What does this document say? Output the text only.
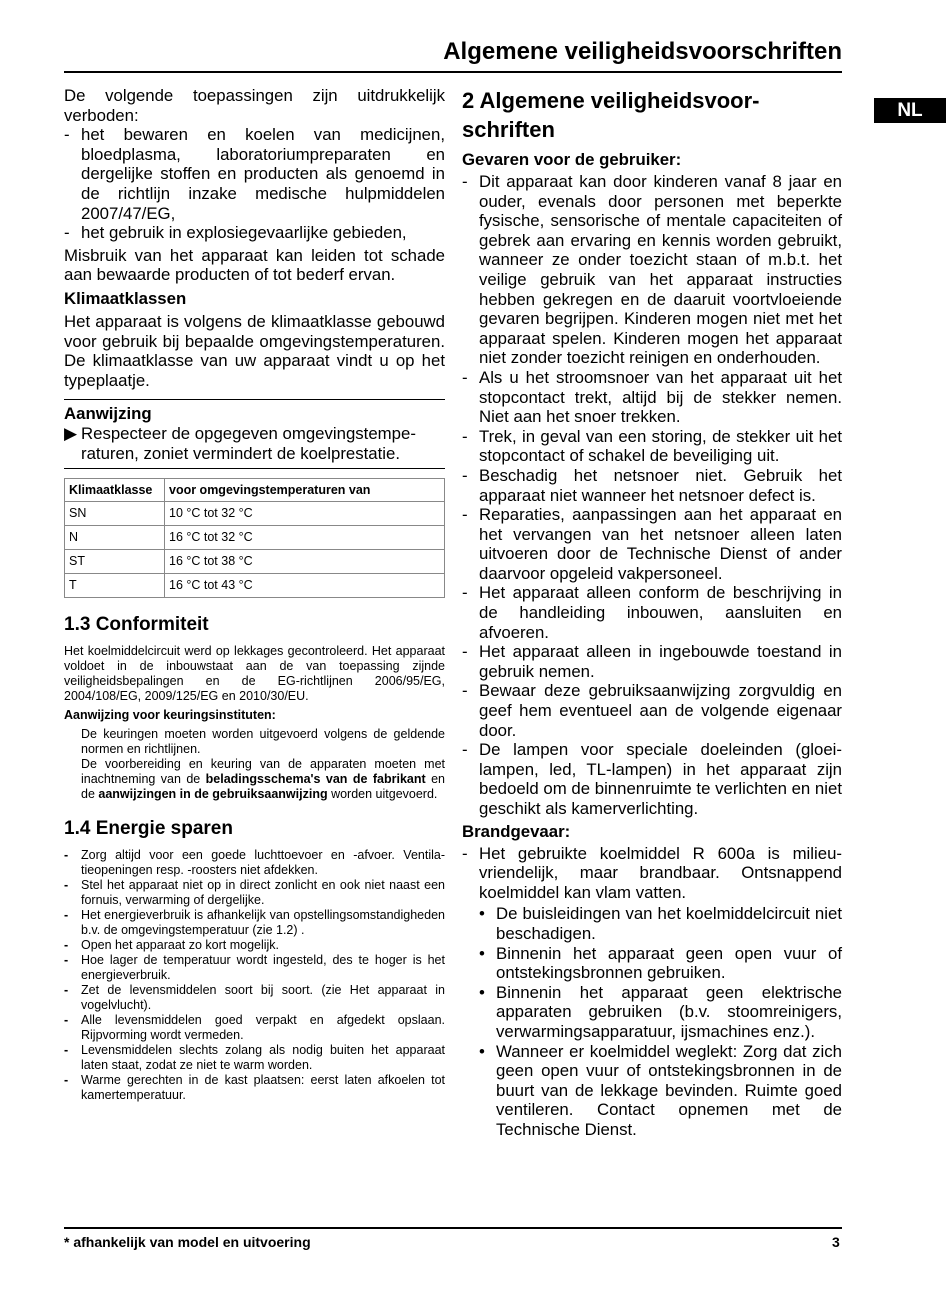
Algemene veiligheidsvoorschriften
NL

De volgende toepassingen zijn uitdrukkelijk verboden:

- het bewaren en koelen van medicijnen, bloedplasma, laboratoriumpreparaten en dergelijke stoffen en producten als genoemd in de richtlijn inzake medische hulpmiddelen 2007/47/EG,
- het gebruik in explosiegevaarlijke gebieden,

Misbruik van het apparaat kan leiden tot schade aan bewaarde producten of tot bederf ervan.

Klimaatklassen

Het apparaat is volgens de klimaatklasse gebouwd voor gebruik bij bepaalde omgevingstemperaturen. De klimaatklasse van uw apparaat vindt u op het typeplaatje.

Aanwijzing
▶ Respecteer de opgegeven omgevingstemperaturen, zoniet vermindert de koelprestatie.
Klimaatklasse	voor omgevingstemperaturen van
SN	10 °C tot 32 °C
N	16 °C tot 32 °C
ST	16 °C tot 38 °C
T	16 °C tot 43 °C

1.3 Conformiteit

Het koelmiddelcircuit werd op lekkages gecontroleerd. Het apparaat voldoet in de inbouwstaat aan de van toepassing zijnde veiligheidsbepalingen en de EG-richtlijnen 2006/95/EG, 2004/108/EG, 2009/125/EG en 2010/30/EU.

Aanwijzing voor keuringsinstituten:

De keuringen moeten worden uitgevoerd volgens de geldende normen en richtlijnen.

De voorbereiding en keuring van de apparaten moeten met inachtneming van de beladingsschema's van de fabrikant en de aanwijzingen in de gebruiksaanwijzing worden uitgevoerd.

1.4 Energie sparen

- Zorg altijd voor een goede luchttoevoer en -afvoer. Ventilatieopeningen resp. -roosters niet afdekken.
- Stel het apparaat niet op in direct zonlicht en ook niet naast een fornuis, verwarming of dergelijke.
- Het energieverbruik is afhankelijk van opstellingsomstandigheden b.v. de omgevingstemperatuur (zie 1.2) .
- Open het apparaat zo kort mogelijk.
- Hoe lager de temperatuur wordt ingesteld, des te hoger is het energieverbruik.
- Zet de levensmiddelen soort bij soort. (zie Het apparaat in vogelvlucht).
- Alle levensmiddelen goed verpakt en afgedekt opslaan. Rijpvorming wordt vermeden.
- Levensmiddelen slechts zolang als nodig buiten het apparaat laten staat, zodat ze niet te warm worden.
- Warme gerechten in de kast plaatsen: eerst laten afkoelen tot kamertemperatuur.

2 Algemene veiligheidsvoorschriften

Gevaren voor de gebruiker:

- Dit apparaat kan door kinderen vanaf 8 jaar en ouder, evenals door personen met beperkte fysische, sensorische of mentale capaciteiten of gebrek aan ervaring en kennis worden gebruikt, wanneer ze onder toezicht staan of m.b.t. het veilige gebruik van het apparaat instructies hebben gekregen en de daaruit voortvloeiende gevaren begrijpen. Kinderen mogen niet met het apparaat spelen. Kinderen mogen het apparaat niet zonder toezicht reinigen en onderhouden.
- Als u het stroomsnoer van het apparaat uit het stopcontact trekt, altijd bij de stekker nemen. Niet aan het snoer trekken.
- Trek, in geval van een storing, de stekker uit het stopcontact of schakel de beveiliging uit.
- Beschadig het netsnoer niet. Gebruik het apparaat niet wanneer het netsnoer defect is.
- Reparaties, aanpassingen aan het apparaat en het vervangen van het netsnoer alleen laten uitvoeren door de Technische Dienst of ander daarvoor opgeleid vakpersoneel.
- Het apparaat alleen conform de beschrijving in de handleiding inbouwen, aansluiten en afvoeren.
- Het apparaat alleen in ingebouwde toestand in gebruik nemen.
- Bewaar deze gebruiksaanwijzing zorgvuldig en geef hem eventueel aan de volgende eigenaar door.
- De lampen voor speciale doeleinden (gloeilampen, led, TL-lampen) in het apparaat zijn bedoeld om de binnenruimte te verlichten en niet geschikt als kamerverlichting.

Brandgevaar:

- Het gebruikte koelmiddel R 600a is milieuvriendelijk, maar brandbaar. Ontsnappend koelmiddel kan vlam vatten.
• De buisleidingen van het koelmiddelcircuit niet beschadigen.
• Binnenin het apparaat geen open vuur of ontstekingsbronnen gebruiken.
• Binnenin het apparaat geen elektrische apparaten gebruiken (b.v. stoomreinigers, verwarmingsapparatuur, ijsmachines enz.).
• Wanneer er koelmiddel weglekt: Zorg dat zich geen open vuur of ontstekingsbronnen in de buurt van de lekkage bevinden. Ruimte goed ventileren. Contact opnemen met de Technische Dienst.
* afhankelijk van model en uitvoering	3
